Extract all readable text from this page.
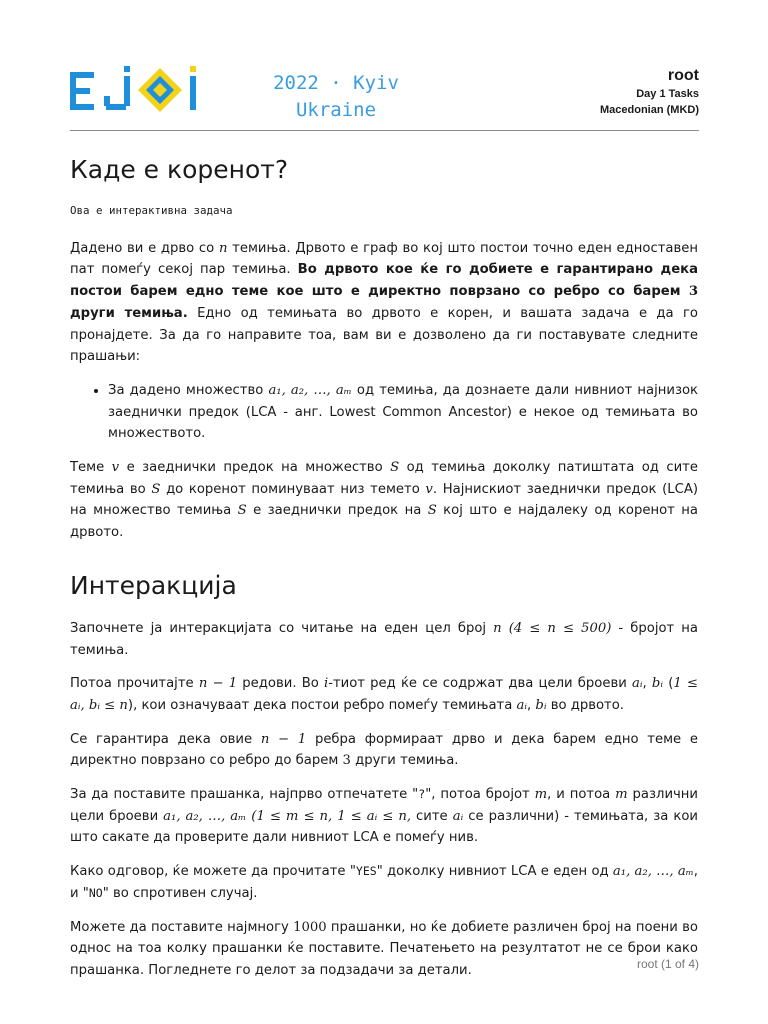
2022 · Kyiv
Ukraine
root
Day 1 Tasks
Macedonian (MKD)
Каде е коренот?
Ова е интерактивна задача

Дадено ви е дрво со n темиња. Дрвото е граф во кој што постои точно еден едноставен пат помеѓу секој пар темиња. Во дрвото кое ќе го добиете е гарантирано дека постои барем едно теме кое што е директно поврзано со ребро со барем 3 други темиња. Едно од темињата во дрвото е корен, и вашата задача е да го пронајдете. За да го направите тоа, вам ви е дозволено да ги поставувате следните прашањи:

• За дадено множество a₁, a₂, …, aₘ од темиња, да дознаете дали нивниот најнизок заеднички предок (LCA - анг. Lowest Common Ancestor) е некое од темињата во множеството.

Теме v е заеднички предок на множество S од темиња доколку патиштата од сите темиња во S до коренот поминуваат низ темето v. Најнискиот заеднички предок (LCA) на множество темиња S е заеднички предок на S кој што е најдалеку од коренот на дрвото.

Интеракција

Започнете ја интеракцијата со читање на еден цел број n (4 ≤ n ≤ 500) - бројот на темиња.

Потоа прочитајте n − 1 редови. Во i-тиот ред ќе се содржат два цели броеви aᵢ, bᵢ (1 ≤ aᵢ, bᵢ ≤ n), кои означуваат дека постои ребро помеѓу темињата aᵢ, bᵢ во дрвото.

Се гарантира дека овие n − 1 ребра формираат дрво и дека барем едно теме е директно поврзано со ребро до барем 3 други темиња.

За да поставите прашанка, најпрво отпечатете "?", потоа бројот m, и потоа m различни цели броеви a₁, a₂, …, aₘ (1 ≤ m ≤ n, 1 ≤ aᵢ ≤ n, сите aᵢ се различни) - темињата, за кои што сакате да проверите дали нивниот LCA е помеѓу нив.

Како одговор, ќе можете да прочитате "YES" доколку нивниот LCA е еден од a₁, a₂, …, aₘ, и "NO" во спротивен случај.

Можете да поставите најмногу 1000 прашанки, но ќе добиете различен број на поени во однос на тоа колку прашанки ќе поставите. Печатењето на резултатот не се брои како прашанка. Погледнете го делот за подзадачи за детали.	root (1 of 4)
